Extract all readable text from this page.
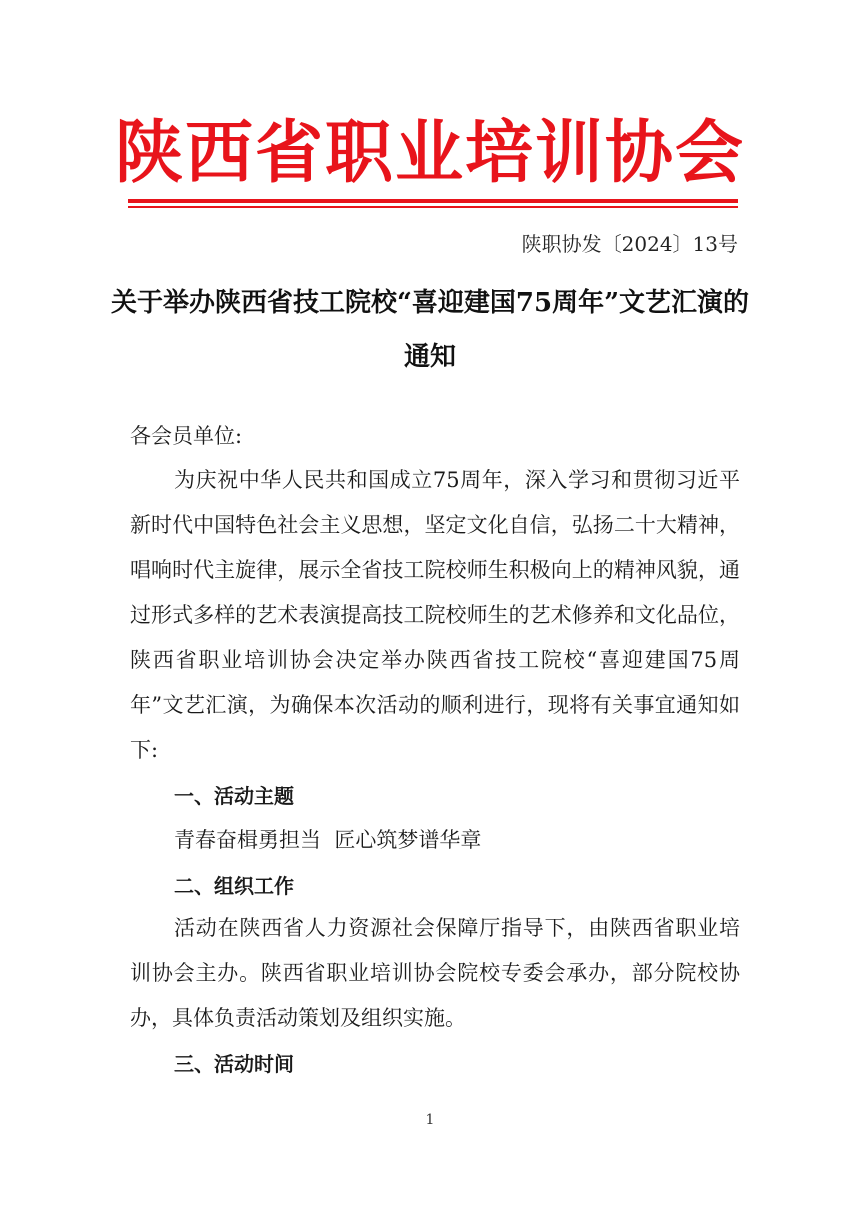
陕西省职业培训协会
陕职协发〔2024〕13号
关于举办陕西省技工院校“喜迎建国75周年”文艺汇演的通知
各会员单位:
为庆祝中华人民共和国成立75周年，深入学习和贯彻习近平新时代中国特色社会主义思想，坚定文化自信，弘扬二十大精神，唱响时代主旋律，展示全省技工院校师生积极向上的精神风貌，通过形式多样的艺术表演提高技工院校师生的艺术修养和文化品位，陕西省职业培训协会决定举办陕西省技工院校“喜迎建国75周年”文艺汇演，为确保本次活动的顺利进行，现将有关事宜通知如下:
一、活动主题
青春奋楫勇担当  匠心筑梦谱华章
二、组织工作
活动在陕西省人力资源社会保障厅指导下，由陕西省职业培训协会主办。陕西省职业培训协会院校专委会承办，部分院校协办，具体负责活动策划及组织实施。
三、活动时间
1
